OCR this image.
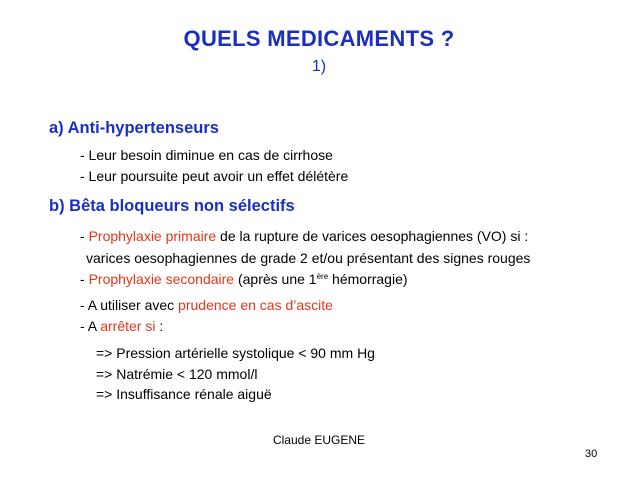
QUELS MEDICAMENTS ?
1)
a) Anti-hypertenseurs
- Leur besoin diminue en cas de cirrhose
- Leur poursuite peut avoir un effet délétère
b) Bêta bloqueurs non sélectifs
- Prophylaxie primaire de la rupture de varices oesophagiennes (VO) si :
varices oesophagiennes de grade 2 et/ou présentant des signes rouges
- Prophylaxie secondaire (après une 1ère hémorragie)
- A utiliser avec prudence en cas d’ascite
- A arrêter si :
=> Pression artérielle systolique < 90 mm Hg
=> Natrémie < 120 mmol/l
=> Insuffisance rénale aiguë
Claude EUGENE
30
